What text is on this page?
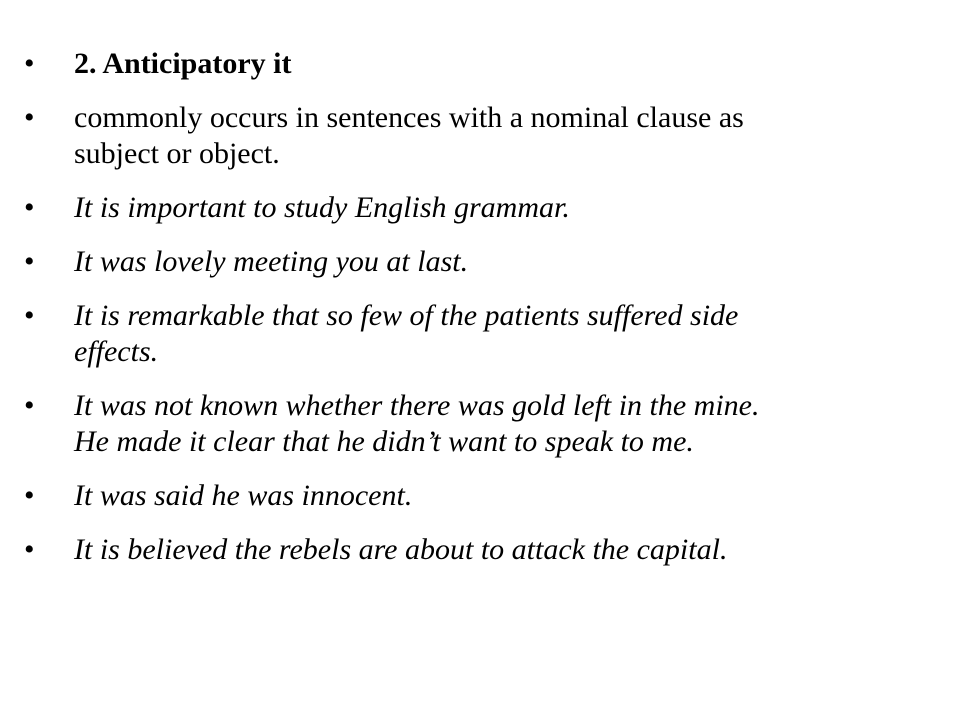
• 2. Anticipatory it
• commonly occurs in sentences with a nominal clause as
subject or object.
• It is important to study English grammar.
• It was lovely meeting you at last.
• It is remarkable that so few of the patients suffered side
effects.
• It was not known whether there was gold left in the mine.
He made it clear that he didn’t want to speak to me.
• It was said he was innocent.
• It is believed the rebels are about to attack the capital.
